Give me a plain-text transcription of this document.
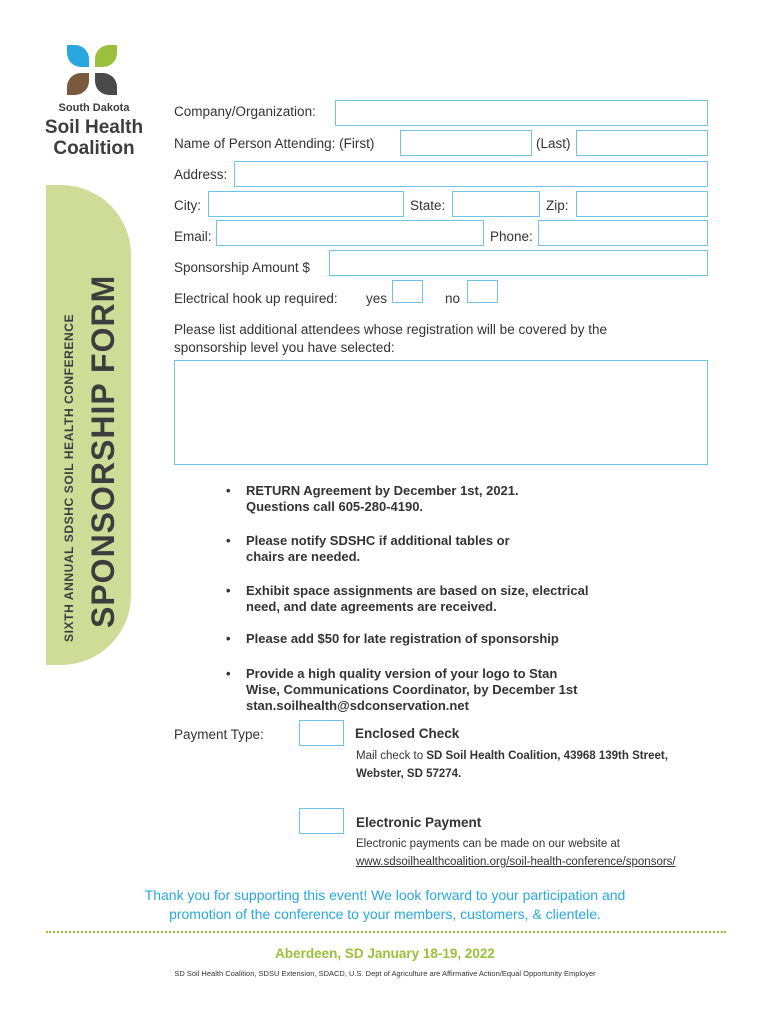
South Dakota
Soil Health
Coalition
SIXTH ANNUAL SDSHC SOIL HEALTH CONFERENCE SPONSORSHIP FORM
Company/Organization:
Name of Person Attending: (First)	(Last)
Address:
City:	State:	Zip:
Email:	Phone:
Sponsorship Amount $
Electrical hook up required: yes	no
Please list additional attendees whose registration will be covered by the
sponsorship level you have selected:
• RETURN Agreement by December 1st, 2021.
Questions call 605-280-4190.
• Please notify SDSHC if additional tables or
chairs are needed.
• Exhibit space assignments are based on size, electrical
need, and date agreements are received.
• Please add $50 for late registration of sponsorship
• Provide a high quality version of your logo to Stan
Wise, Communications Coordinator, by December 1st
stan.soilhealth@sdconservation.net
Payment Type:	Enclosed Check
Mail check to SD Soil Health Coalition, 43968 139th Street,
Webster, SD 57274.
Electronic Payment
Electronic payments can be made on our website at
www.sdsoilhealthcoalition.org/soil-health-conference/sponsors/
Thank you for supporting this event! We look forward to your participation and
promotion of the conference to your members, customers, & clientele.
Aberdeen, SD January 18-19, 2022
SD Soil Health Coalition, SDSU Extension, SDACD, U.S. Dept of Agriculture are Affirmative Action/Equal Opportunity Employer
